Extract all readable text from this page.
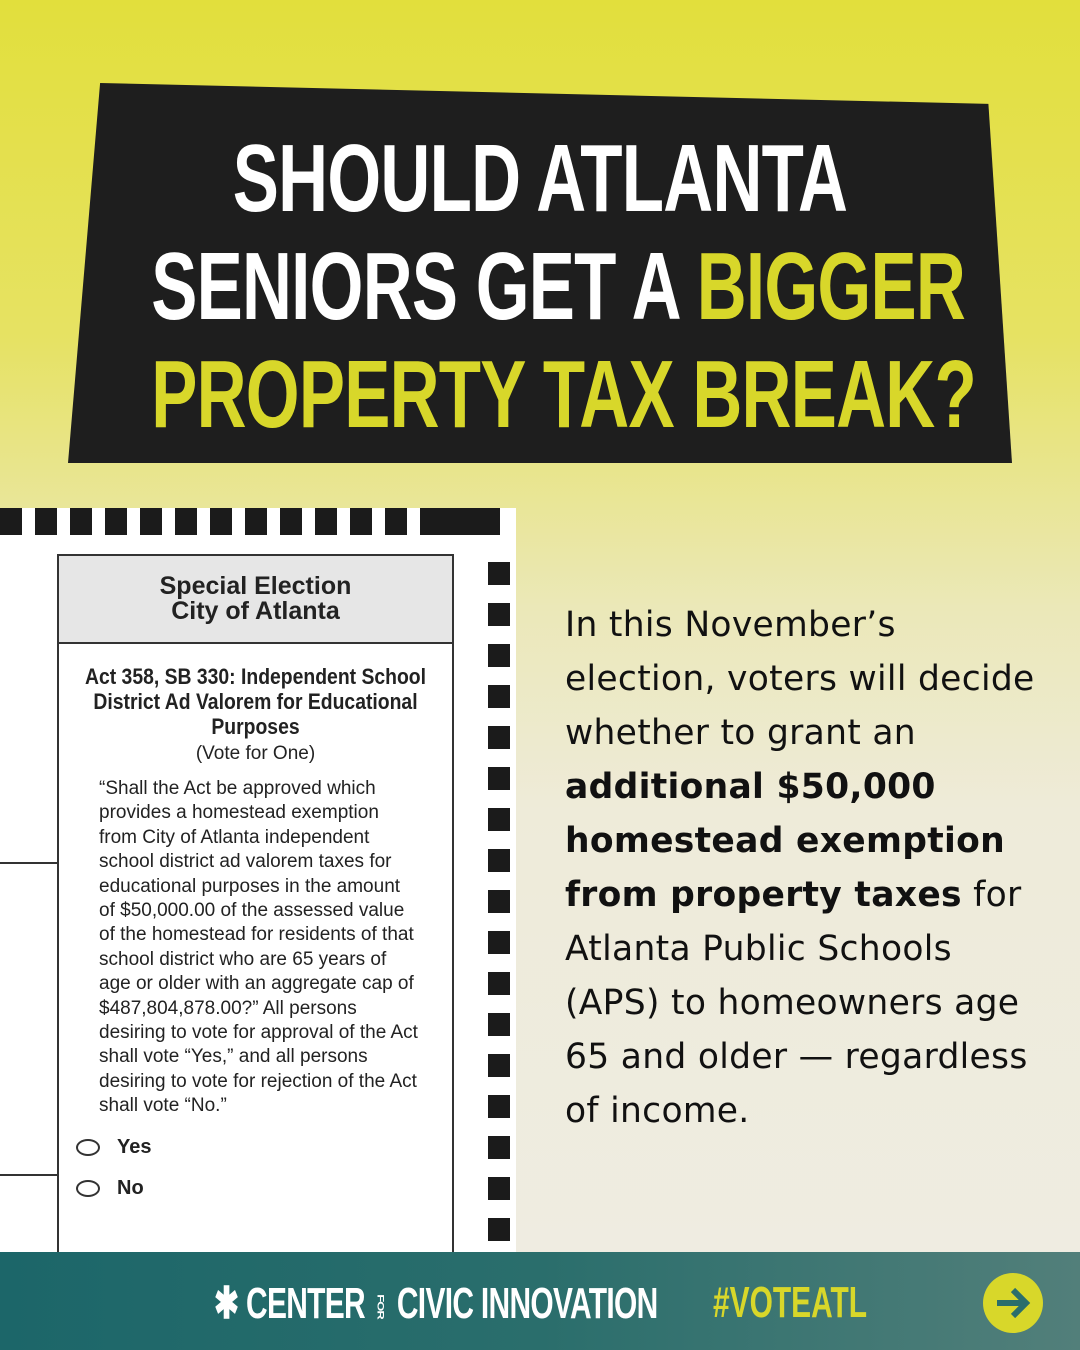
SHOULD ATLANTA
SENIORS GET A BIGGER
PROPERTY TAX BREAK?
Special Election
City of Atlanta
Act 358, SB 330: Independent School District Ad Valorem for Educational Purposes
(Vote for One)
“Shall the Act be approved which provides a homestead exemption from City of Atlanta independent school district ad valorem taxes for educational purposes in the amount of $50,000.00 of the assessed value of the homestead for residents of that school district who are 65 years of age or older with an aggregate cap of $487,804,878.00?” All persons desiring to vote for approval of the Act shall vote “Yes,” and all persons desiring to vote for rejection of the Act shall vote “No.”
Yes
No
In this November’s election, voters will decide whether to grant an additional $50,000 homestead exemption from property taxes for Atlanta Public Schools (APS) to homeowners age 65 and older — regardless of income.
✱ CENTER FOR CIVIC INNOVATION #VOTEATL
